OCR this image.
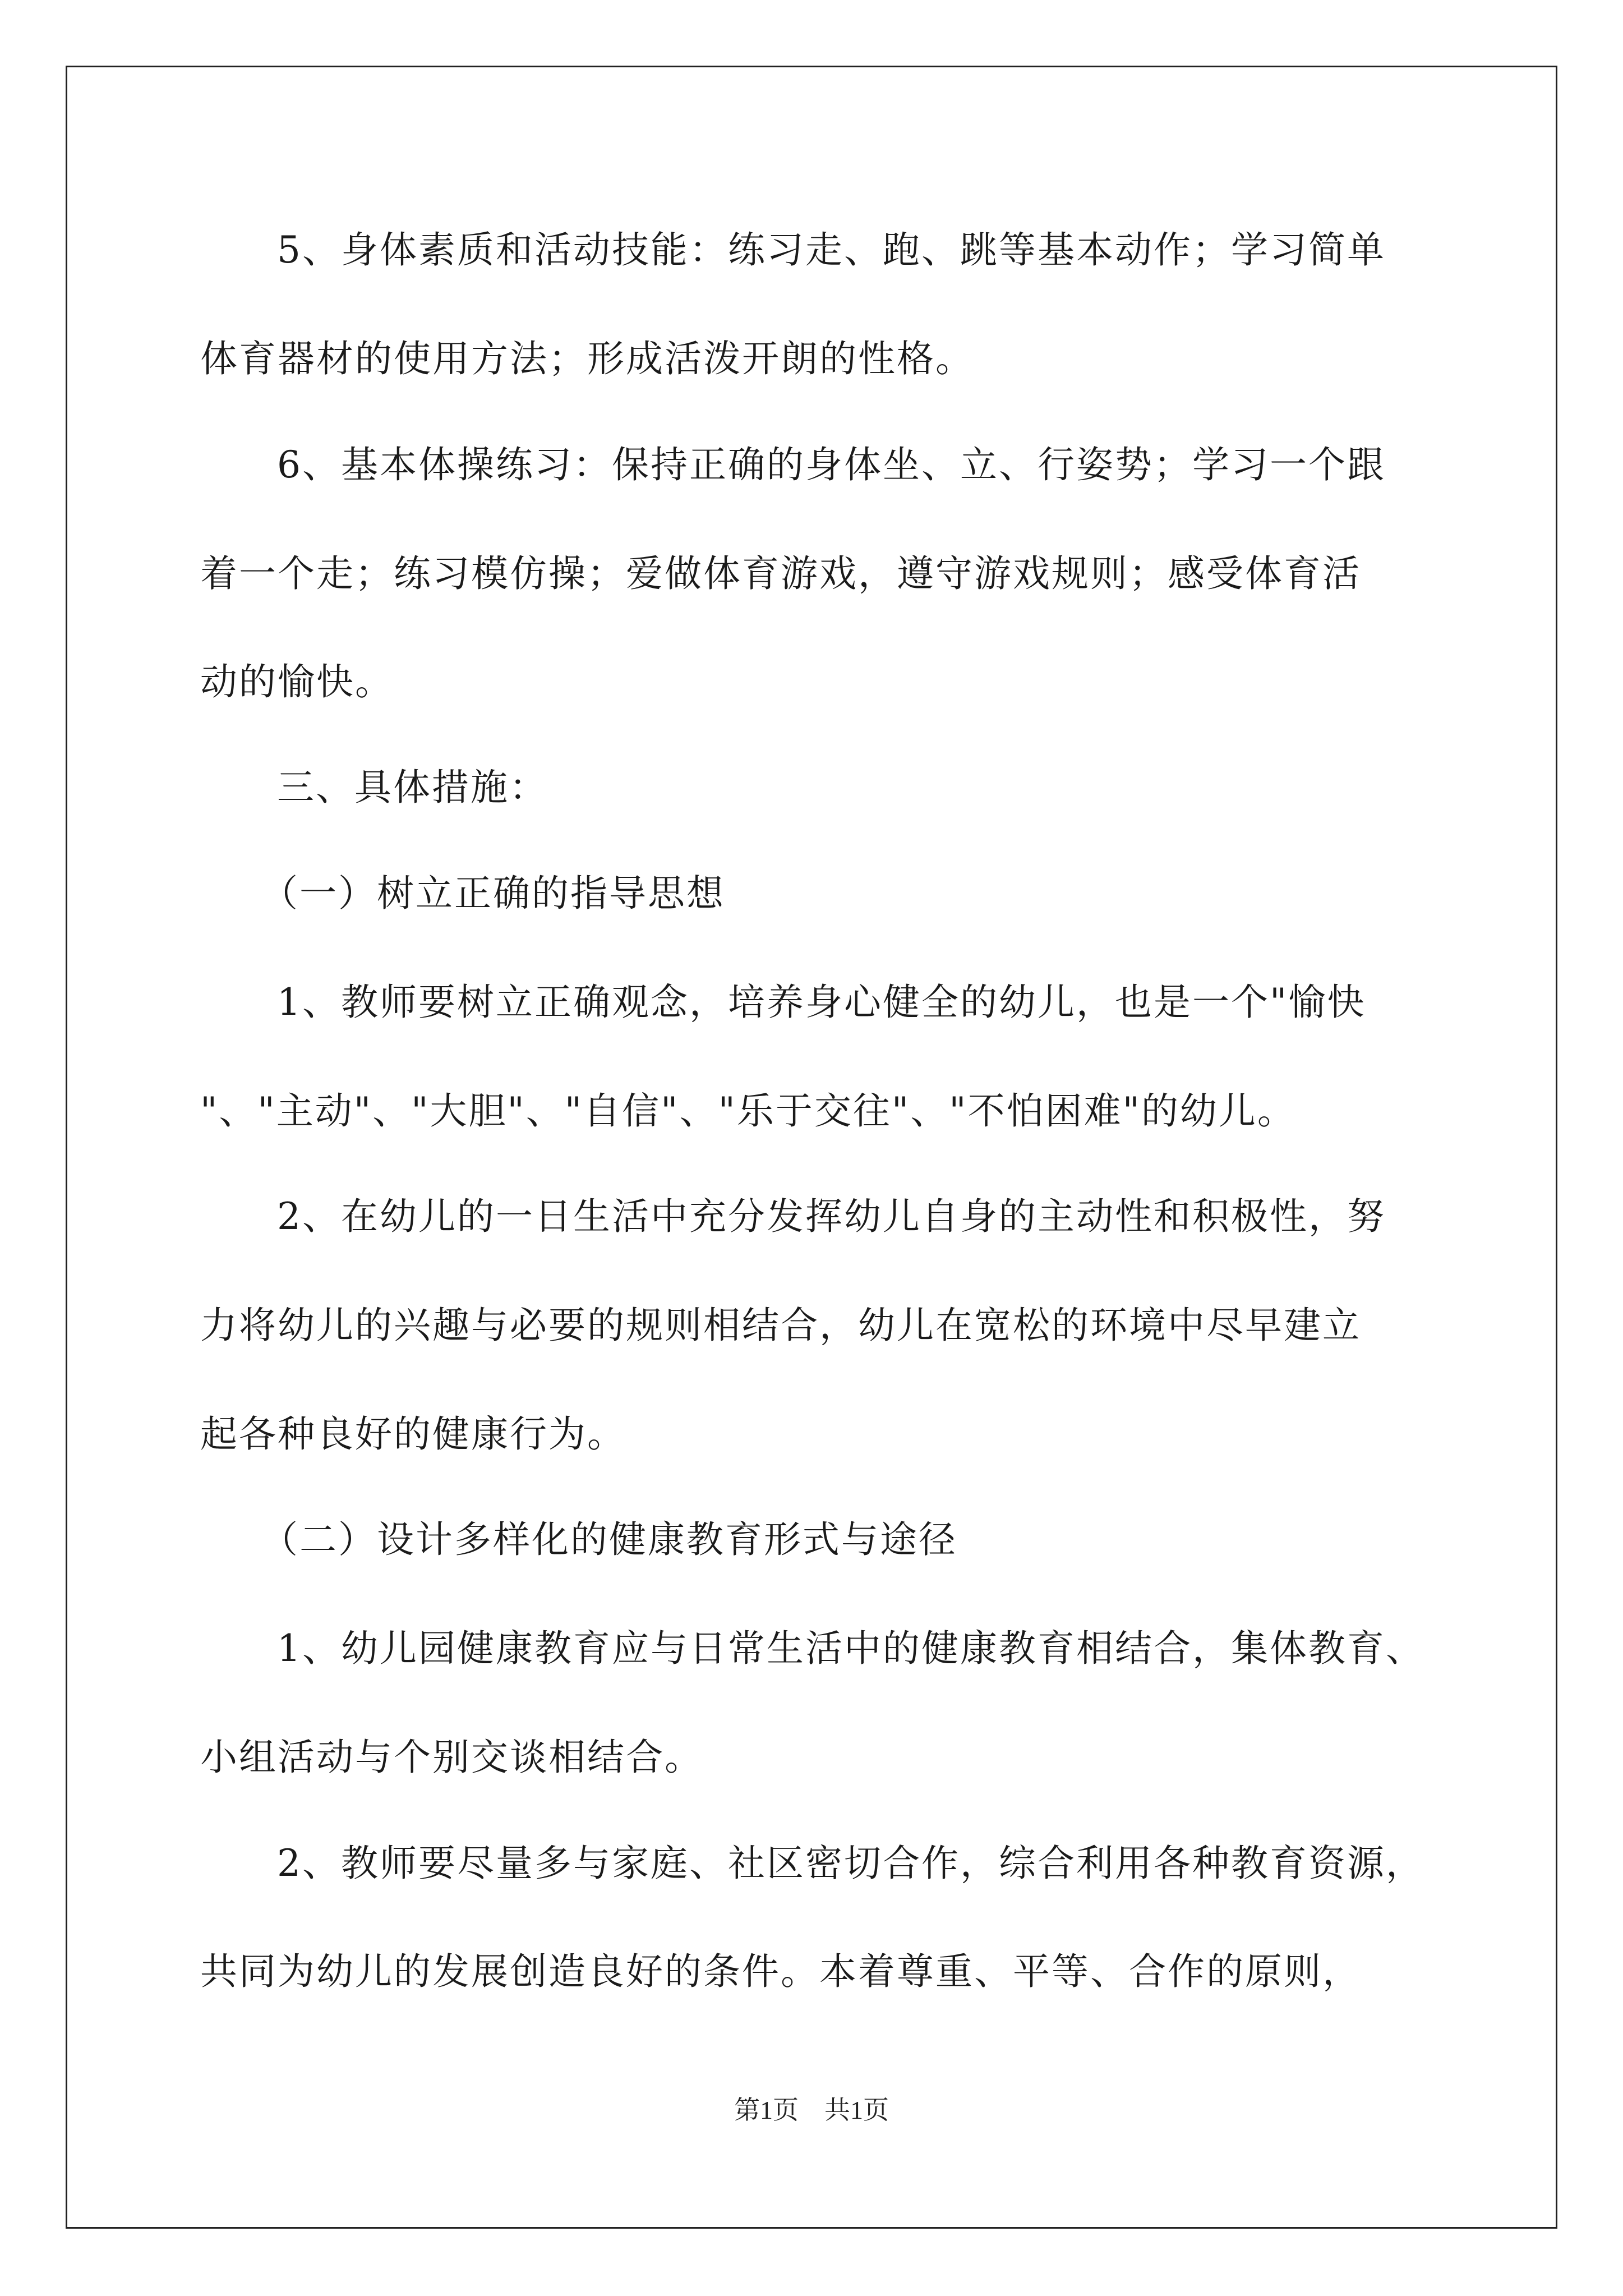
5、身体素质和活动技能：练习走、跑、跳等基本动作；学习简单
体育器材的使用方法；形成活泼开朗的性格。
6、基本体操练习：保持正确的身体坐、立、行姿势；学习一个跟
着一个走；练习模仿操；爱做体育游戏，遵守游戏规则；感受体育活
动的愉快。
三、具体措施：
（一）树立正确的指导思想
1、教师要树立正确观念，培养身心健全的幼儿，也是一个"愉快
"、"主动"、"大胆"、"自信"、"乐于交往"、"不怕困难"的幼儿。
2、在幼儿的一日生活中充分发挥幼儿自身的主动性和积极性，努
力将幼儿的兴趣与必要的规则相结合，幼儿在宽松的环境中尽早建立
起各种良好的健康行为。
（二）设计多样化的健康教育形式与途径
1、幼儿园健康教育应与日常生活中的健康教育相结合，集体教育、
小组活动与个别交谈相结合。
2、教师要尽量多与家庭、社区密切合作，综合利用各种教育资源，
共同为幼儿的发展创造良好的条件。本着尊重、平等、合作的原则，
第1页　共1页
